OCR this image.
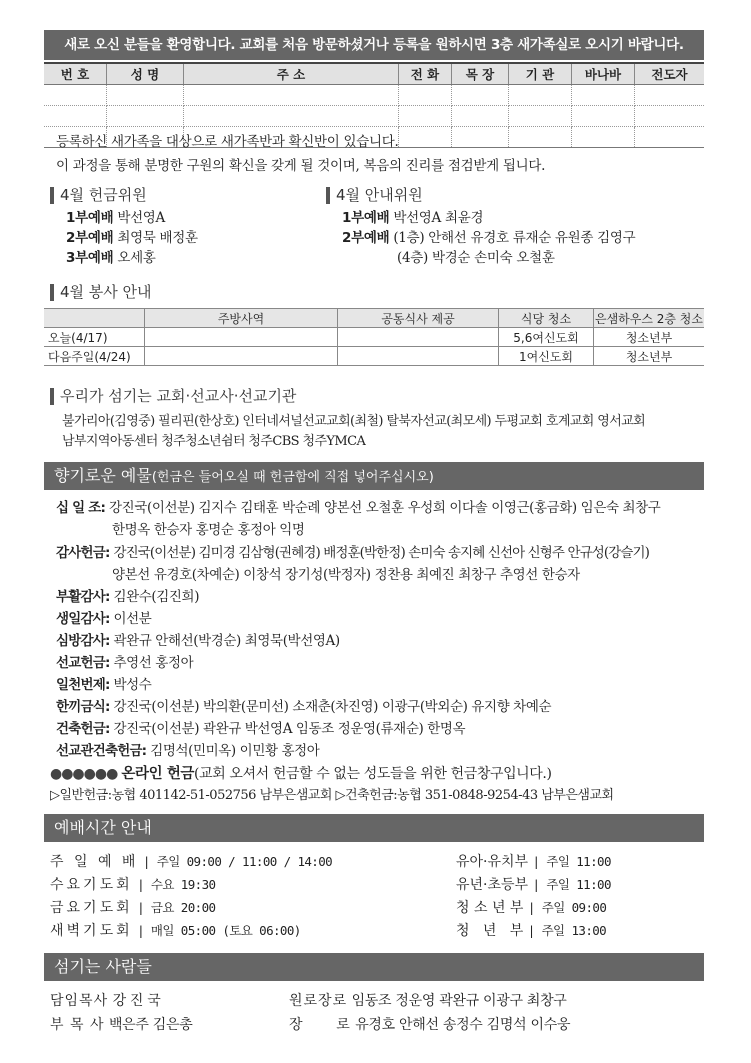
새로 오신 분들을 환영합니다. 교회를 처음 방문하셨거나 등록을 원하시면 3층 새가족실로 오시기 바랍니다.
번 호	성 명	주 소	전 화	목 장	기 관	바나바	전도자

등록하신 새가족을 대상으로 새가족반과 확신반이 있습니다.
이 과정을 통해 분명한 구원의 확신을 갖게 될 것이며, 복음의 진리를 점검받게 됩니다.
4월 헌금위원
1부예배 박선영A
2부예배 최영묵 배정훈
3부예배 오세홍
4월 안내위원
1부예배 박선영A 최윤경
2부예배 (1층) 안해선 유경호 류재순 유원종 김영구
(4층) 박경순 손미숙 오철훈
4월 봉사 안내
	주방사역	공동식사 제공	식당 청소	은샘하우스 2층 청소
오늘(4/17)			5,6여신도회	청소년부
다음주일(4/24)			1여신도회	청소년부
우리가 섬기는 교회·선교사·선교기관
불가리아(김영중) 필리핀(한상호) 인터네셔널선교교회(최철) 탈북자선교(최모세) 두평교회 호계교회 영서교회
남부지역아동센터 청주청소년쉼터 청주CBS 청주YMCA
향기로운 예물(헌금은 들어오실 때 헌금함에 직접 넣어주십시오)
십 일 조: 강진국(이선분) 김지수 김태훈 박순례 양본선 오철훈 우성희 이다솔 이영근(홍금화) 임은숙 최창구
한명옥 한승자 홍명순 홍정아 익명
감사헌금: 강진국(이선분) 김미경 김삼형(권혜경) 배정훈(박한정) 손미숙 송지혜 신선아 신형주 안규성(강슬기)
양본선 유경호(차예순) 이창석 장기성(박정자) 정찬용 최예진 최창구 추영선 한승자
부활감사: 김완수(김진희)
생일감사: 이선분
심방감사: 곽완규 안해선(박경순) 최영묵(박선영A)
선교헌금: 추영선 홍정아
일천번제: 박성수
한끼금식: 강진국(이선분) 박의환(문미선) 소재춘(차진영) 이광구(박외순) 유지향 차예순
건축헌금: 강진국(이선분) 곽완규 박선영A 임동조 정운영(류재순) 한명옥
선교관건축헌금: 김명석(민미옥) 이민황 홍정아
●●●●●● 온라인 헌금(교회 오셔서 헌금할 수 없는 성도들을 위한 헌금창구입니다.)
▷일반헌금:농협 401142-51-052756 남부은샘교회 ▷건축헌금:농협 351-0848-9254-43 남부은샘교회
예배시간 안내
주 일 예 배 | 주일 09:00 / 11:00 / 14:00
수요기도회 | 수요 19:30
금요기도회 | 금요 20:00
새벽기도회 | 매일 05:00 (토요 06:00)
유아·유치부 | 주일 11:00
유년·초등부 | 주일 11:00
청 소 년 부 | 주일 09:00
청   년   부 | 주일 13:00
섬기는 사람들
담임목사 강 진 국
부 목 사 백은주 김은총
원로장로 임동조 정운영 곽완규 이광구 최창구
장      로 유경호 안해선 송정수 김명석 이수웅
